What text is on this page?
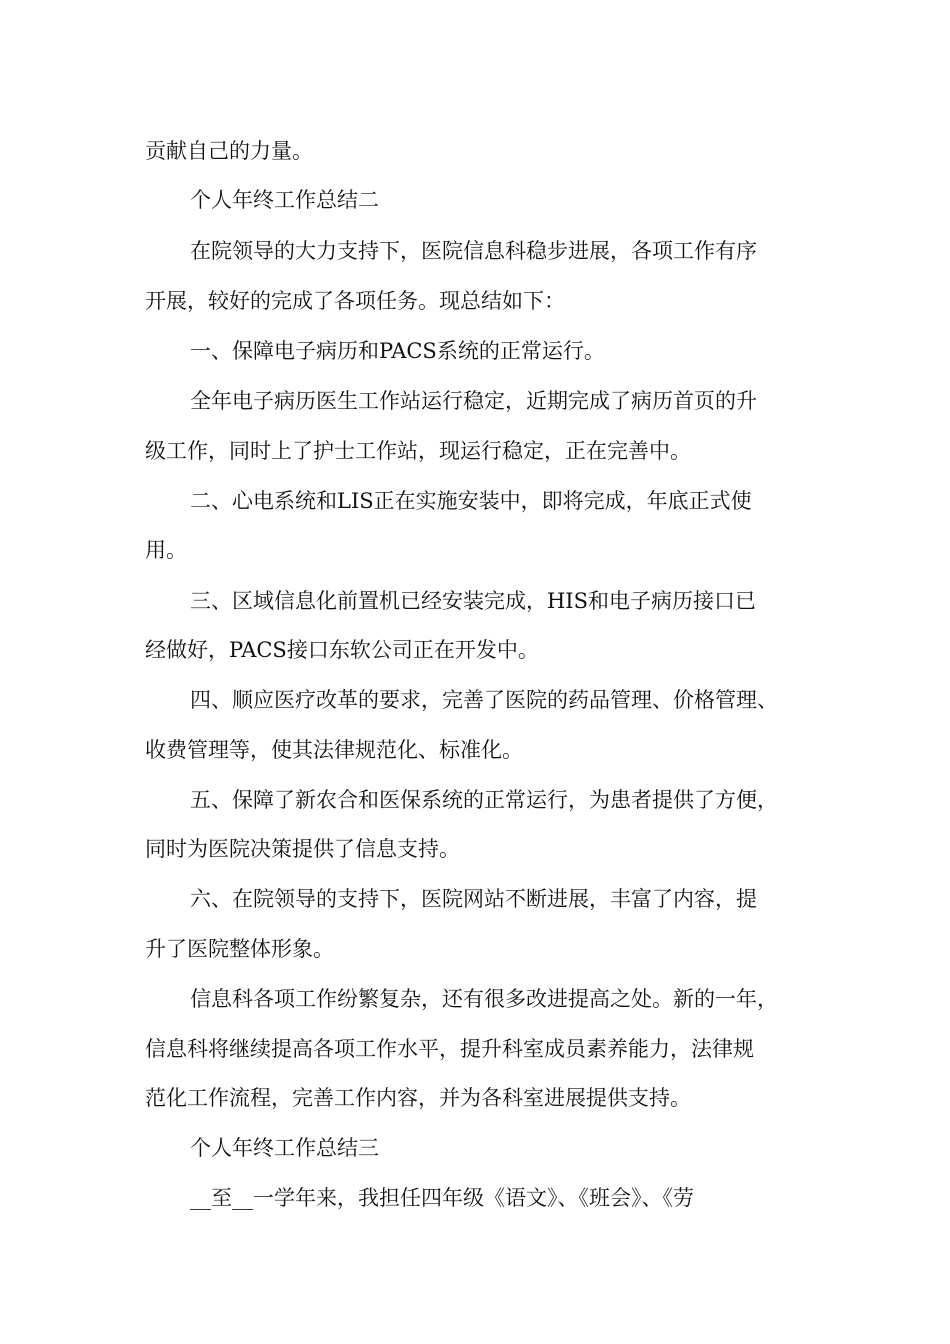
贡献自己的力量。
个人年终工作总结二
在院领导的大力支持下，医院信息科稳步进展，各项工作有序
开展，较好的完成了各项任务。现总结如下：
一、保障电子病历和PACS系统的正常运行。
全年电子病历医生工作站运行稳定，近期完成了病历首页的升
级工作，同时上了护士工作站，现运行稳定，正在完善中。
二、心电系统和LIS正在实施安装中，即将完成，年底正式使
用。
三、区域信息化前置机已经安装完成，HIS和电子病历接口已
经做好，PACS接口东软公司正在开发中。
四、顺应医疗改革的要求，完善了医院的药品管理、价格管理、
收费管理等，使其法律规范化、标准化。
五、保障了新农合和医保系统的正常运行，为患者提供了方便，
同时为医院决策提供了信息支持。
六、在院领导的支持下，医院网站不断进展，丰富了内容，提
升了医院整体形象。
信息科各项工作纷繁复杂，还有很多改进提高之处。新的一年，
信息科将继续提高各项工作水平，提升科室成员素养能力，法律规
范化工作流程，完善工作内容，并为各科室进展提供支持。
个人年终工作总结三
__至__一学年来，我担任四年级《语文》、《班会》、《劳
